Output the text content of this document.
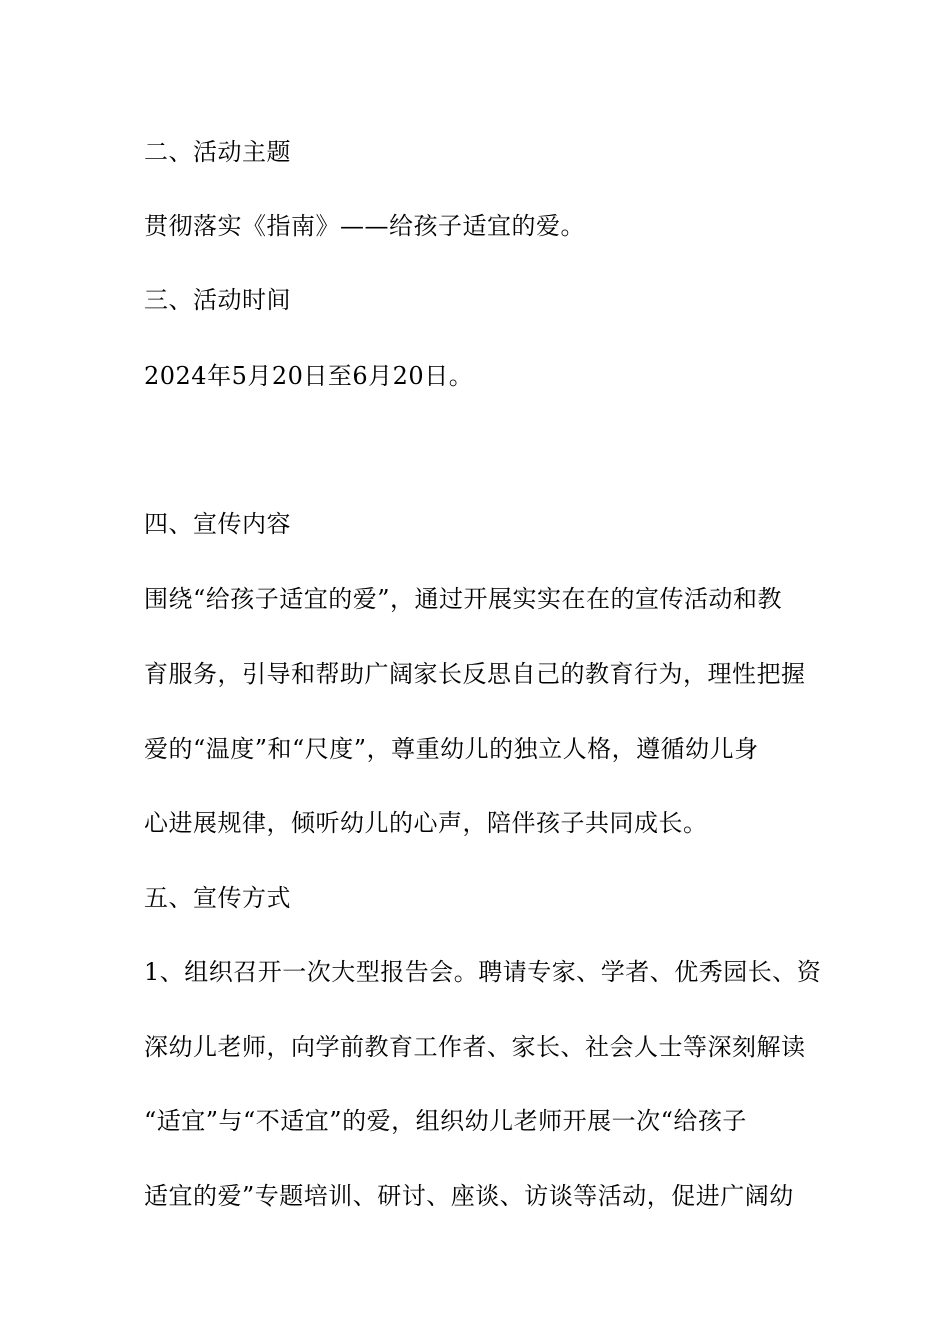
二、活动主题
贯彻落实《指南》——给孩子适宜的爱。
三、活动时间
2024年5月20日至6月20日。
四、宣传内容
围绕“给孩子适宜的爱”，通过开展实实在在的宣传活动和教
育服务，引导和帮助广阔家长反思自己的教育行为，理性把握
爱的“温度”和“尺度”，尊重幼儿的独立人格，遵循幼儿身
心进展规律，倾听幼儿的心声，陪伴孩子共同成长。
五、宣传方式
1、组织召开一次大型报告会。聘请专家、学者、优秀园长、资
深幼儿老师，向学前教育工作者、家长、社会人士等深刻解读
“适宜”与“不适宜”的爱，组织幼儿老师开展一次“给孩子
适宜的爱”专题培训、研讨、座谈、访谈等活动，促进广阔幼
